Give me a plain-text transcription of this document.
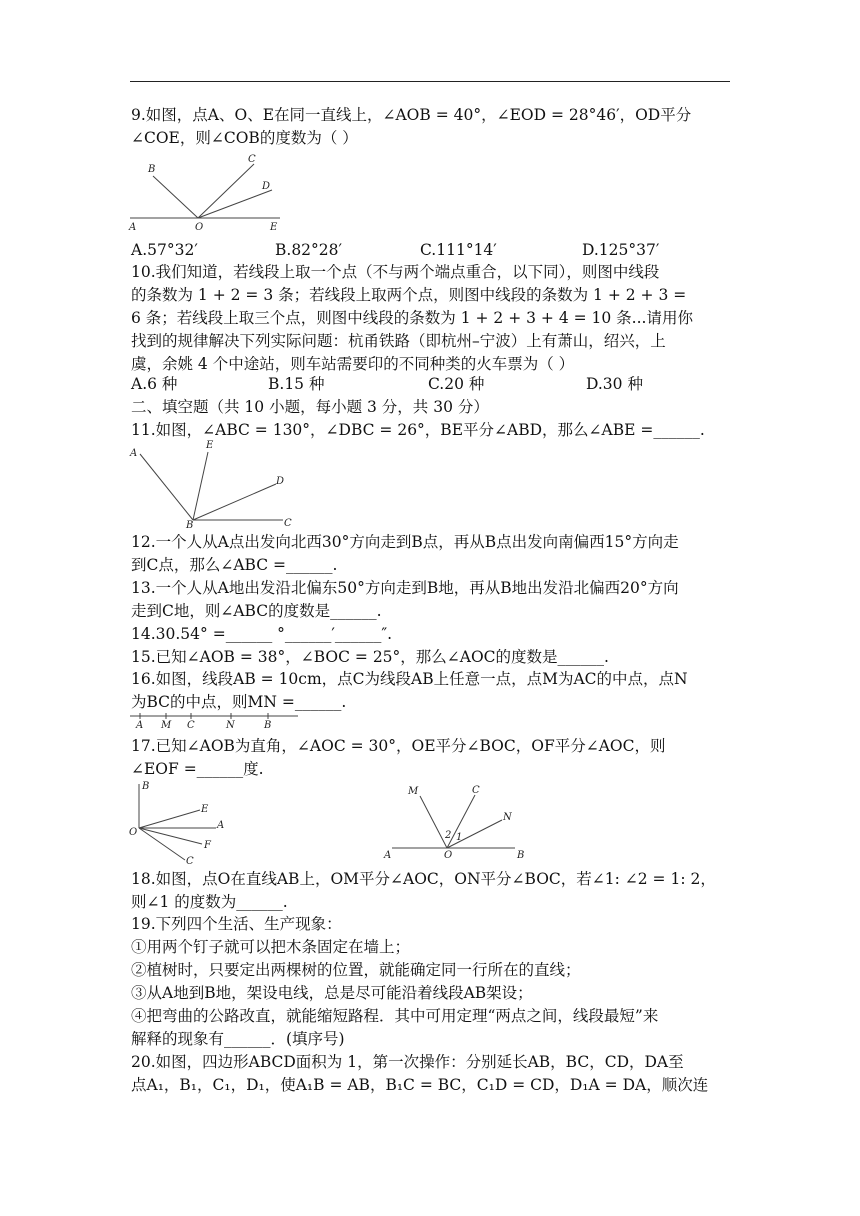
9.如图，点A、O、E在同一直线上，∠AOB = 40°，∠EOD = 28°46′，OD平分
∠COE，则∠COB的度数为（ ）
B
C
D
A	O	E
A.57°32′	B.82°28′	C.111°14′	D.125°37′
10.我们知道，若线段上取一个点（不与两个端点重合，以下同），则图中线段
的条数为 1 + 2 = 3 条；若线段上取两个点，则图中线段的条数为 1 + 2 + 3 =
6 条；若线段上取三个点，则图中线段的条数为 1 + 2 + 3 + 4 = 10 条...请用你
找到的规律解决下列实际问题：杭甬铁路（即杭州–宁波）上有萧山，绍兴，上
虞，余姚 4 个中途站，则车站需要印的不同种类的火车票为（ ）
A.6 种	B.15 种	C.20 种	D.30 种
二、填空题（共 10 小题，每小题 3 分，共 30 分）
11.如图，∠ABC = 130°，∠DBC = 26°，BE平分∠ABD，那么∠ABE =______.
E
A
D
B	C
12.一个人从A点出发向北西30°方向走到B点，再从B点出发向南偏西15°方向走
到C点，那么∠ABC =______.
13.一个人从A地出发沿北偏东50°方向走到B地，再从B地出发沿北偏西20°方向
走到C地，则∠ABC的度数是______.
14.30.54° =______ °______′______″.
15.已知∠AOB = 38°，∠BOC = 25°，那么∠AOC的度数是______.
16.如图，线段AB = 10cm，点C为线段AB上任意一点，点M为AC的中点，点N
为BC的中点，则MN =______.
A M C	N	B
17.已知∠AOB为直角，∠AOC = 30°，OE平分∠BOC，OF平分∠AOC，则
∠EOF =______度.
B
E
A
O
F
C
M	C
N
2 1
A	O	B
18.如图，点O在直线AB上，OM平分∠AOC，ON平分∠BOC，若∠1: ∠2 = 1: 2，
则∠1 的度数为______.
19.下列四个生活、生产现象：
①用两个钉子就可以把木条固定在墙上；
②植树时，只要定出两棵树的位置，就能确定同一行所在的直线；
③从A地到B地，架设电线，总是尽可能沿着线段AB架设；
④把弯曲的公路改直，就能缩短路程．其中可用定理“两点之间，线段最短”来
解释的现象有______．(填序号)
20.如图，四边形ABCD面积为 1，第一次操作：分别延长AB，BC，CD，DA至
点A₁，B₁，C₁，D₁，使A₁B = AB，B₁C = BC，C₁D = CD，D₁A = DA，顺次连
